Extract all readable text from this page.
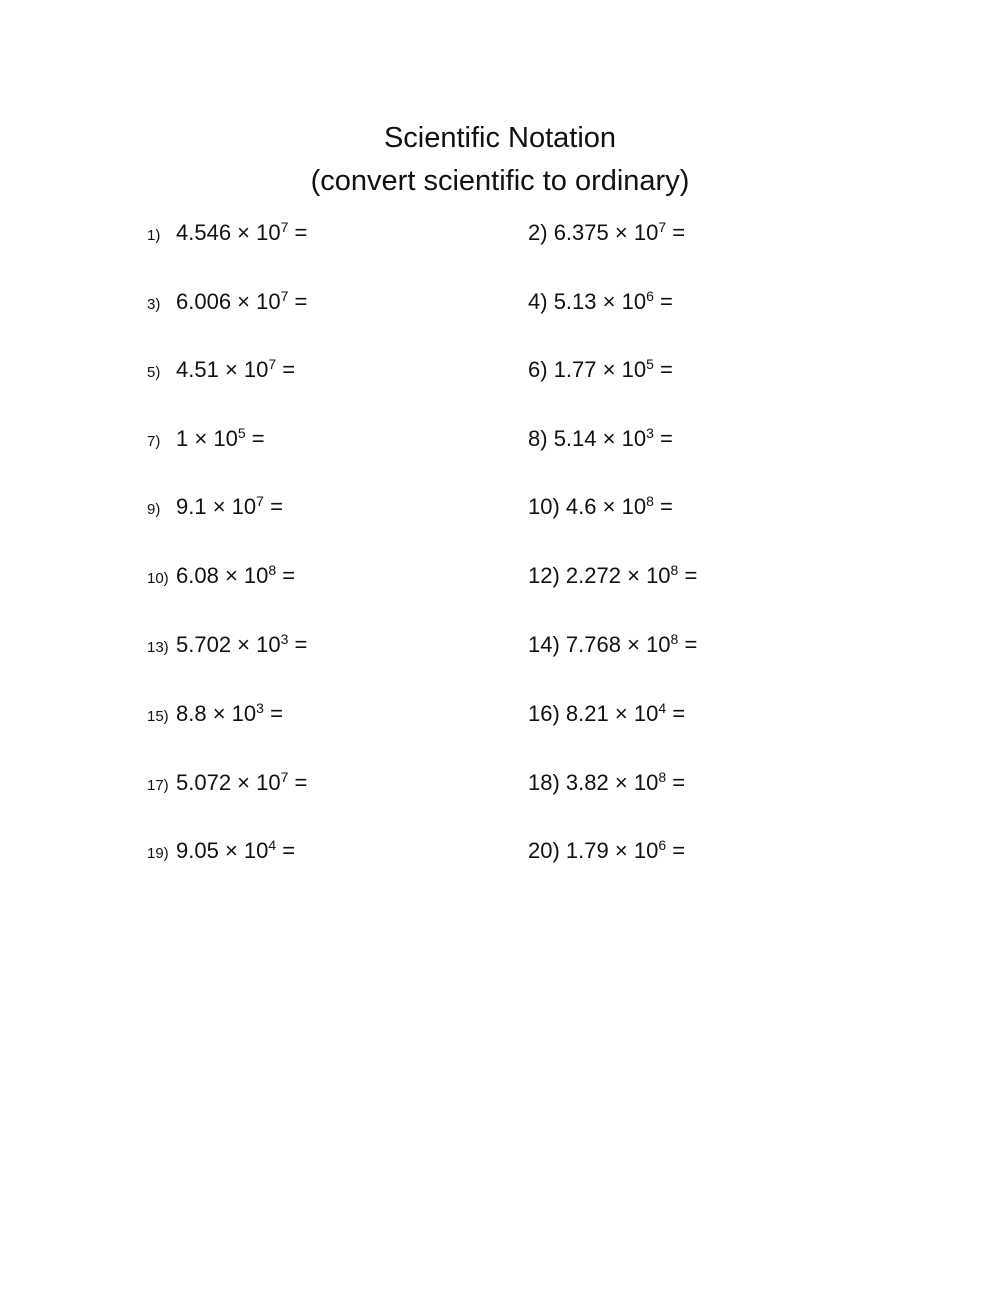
Scientific Notation
(convert scientific to ordinary)
1) $4.546 \times 10^7$ =	2) $6.375 \times 10^7$ =
3) $6.006 \times 10^7$ =	4) $5.13 \times 10^6$ =
5) $4.51 \times 10^7$ =	6) $1.77 \times 10^5$ =
7) $1 \times 10^5$ =	8) $5.14 \times 10^3$ =
9) $9.1 \times 10^7$ =	10) $4.6 \times 10^8$ =
10) $6.08 \times 10^8$ =	12) $2.272 \times 10^8$ =
13) $5.702 \times 10^3$ =	14) $7.768 \times 10^8$ =
15) $8.8 \times 10^3$ =	16) $8.21 \times 10^4$ =
17) $5.072 \times 10^7$ =	18) $3.82 \times 10^8$ =
19) $9.05 \times 10^4$ =	20) $1.79 \times 10^6$ =
